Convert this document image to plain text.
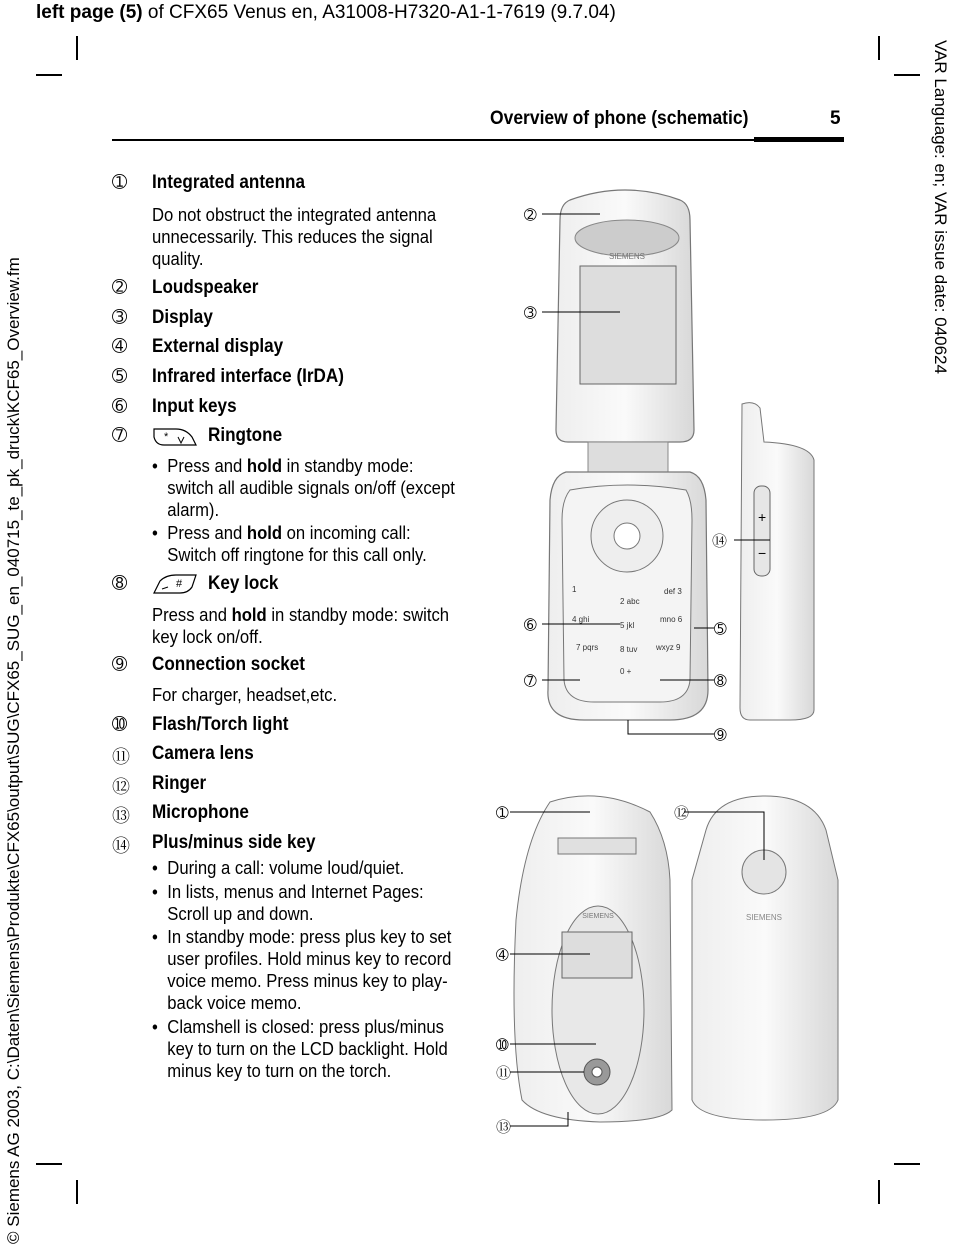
left page (5) of CFX65 Venus en, A31008-H7320-A1-1-7619 (9.7.04)
VAR Language: en; VAR issue date: 040624
© Siemens AG 2003, C:\Daten\Siemens\Produkte\CFX65\output\SUG\CFX65_SUG_en_040715_te_pk_druck\KCF65_Overview.fm
Overview of phone (schematic)	5
➀	Integrated antenna
Do not obstruct the integrated antenna unnecessarily. This reduces the signal quality.
➁	Loudspeaker
➂	Display
➃	External display
➄	Infrared interface (IrDA)
➅	Input keys
➆	* Ringtone
• Press and hold in standby mode: switch all audible signals on/off (except alarm).
• Press and hold on incoming call: Switch off ringtone for this call only.
➇	# Key lock
Press and hold in standby mode: switch key lock on/off.
➈	Connection socket
For charger, headset,etc.
➉	Flash/Torch light
⑪	Camera lens
⑫	Ringer
⑬	Microphone
⑭	Plus/minus side key
• During a call: volume loud/quiet.
• In lists, menus and Internet Pages: Scroll up and down.
• In standby mode: press plus key to set user profiles. Hold minus key to record voice memo. Press minus key to play-back voice memo.
• Clamshell is closed: press plus/minus key to turn on the LCD backlight. Hold minus key to turn on the torch.
SIEMENS
1
2 abc
def 3
4 ghi
5 jkl
mno 6
7 pqrs	8 tuv wxyz 9
0 +
+
−
SIEMENS	SIEMENS
➁
➂
⑭
➅	➄
➆	➇
➈
➀	⑫
➃
➉
⑪
⑬
